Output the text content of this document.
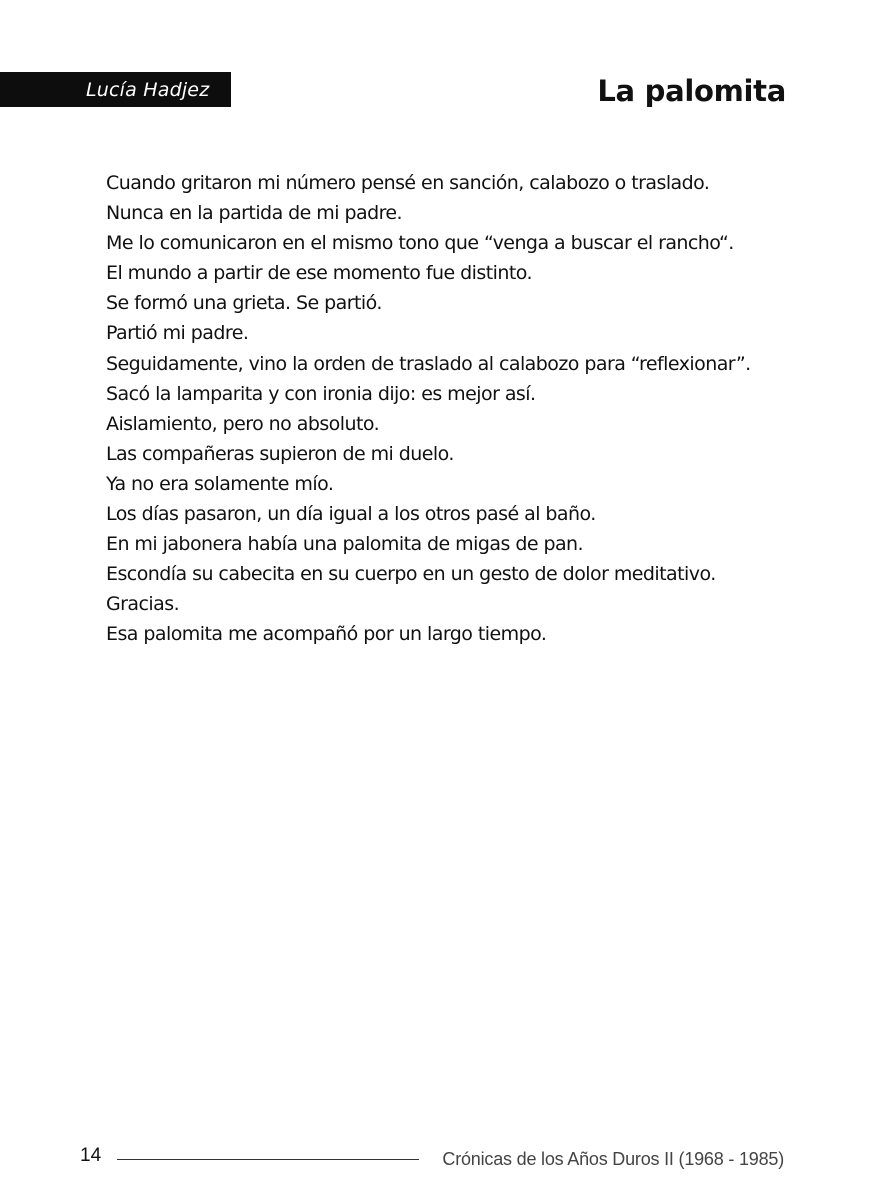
Lucía Hadjez	La palomita
Cuando gritaron mi número pensé en sanción, calabozo o traslado.
Nunca en la partida de mi padre.
Me lo comunicaron en el mismo tono que “venga a buscar el rancho“.
El mundo a partir de ese momento fue distinto.
Se formó una grieta. Se partió.
Partió mi padre.
Seguidamente, vino la orden de traslado al calabozo para “reflexionar”.
Sacó la lamparita y con ironia dijo: es mejor así.
Aislamiento, pero no absoluto.
Las compañeras supieron de mi duelo.
Ya no era solamente mío.
Los días pasaron, un día igual a los otros pasé al baño.
En mi jabonera había una palomita de migas de pan.
Escondía su cabecita en su cuerpo en un gesto de dolor meditativo.
Gracias.
Esa palomita me acompañó por un largo tiempo.
14	Crónicas de los Años Duros II (1968 - 1985)
